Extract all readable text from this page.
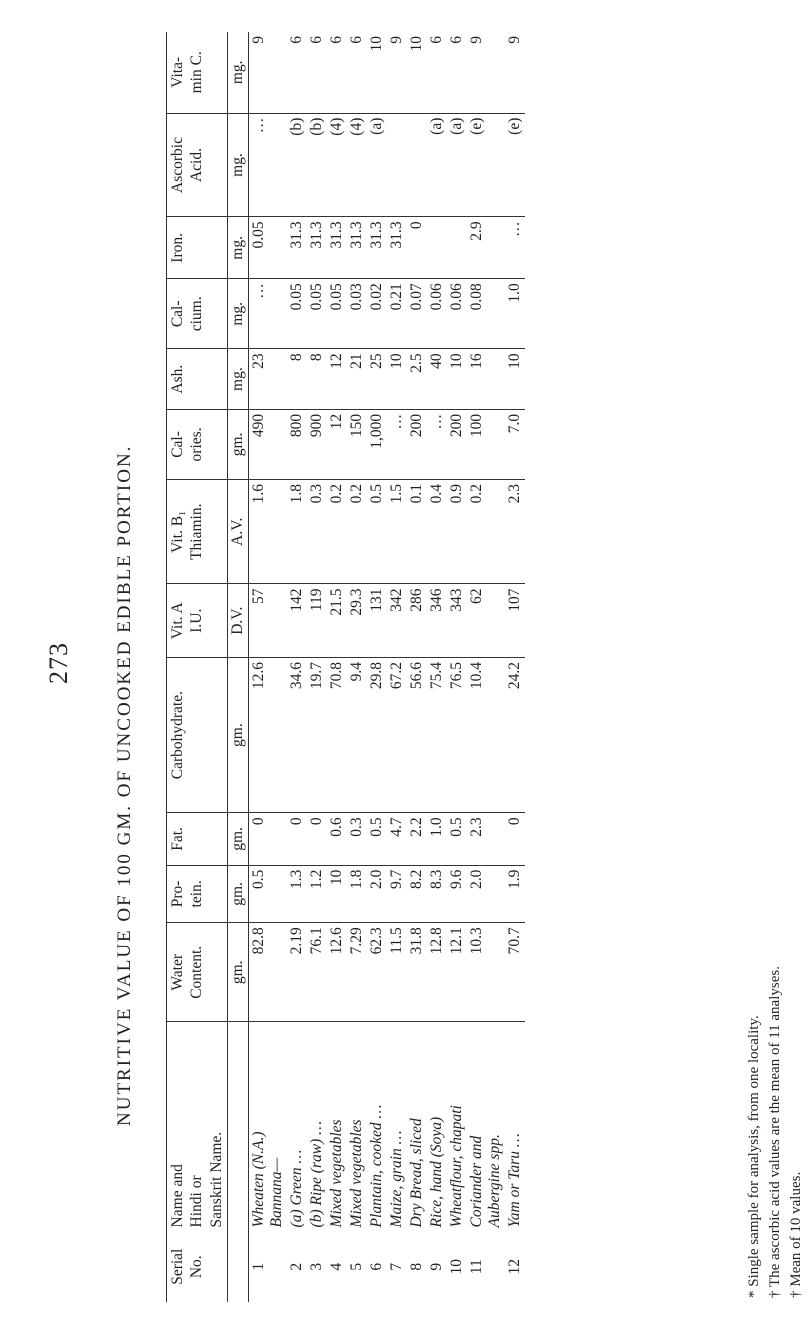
273 NUTRITIVE VALUE OF 100 GM. OF UNCOOKED EDIBLE PORTION.
Serial No.	Name and Hindi or Sanskrit Name.	Water Content.	Pro- tein.	Fat.	Carbohydrate.	Vit. A I.U.	Vit. B₁ Thiamin.	Cal- ories.	Ash.	Cal- cium.	Iron.	Ascorbic Acid.	Vita- min C.
		gm.	gm.	gm.	gm.	D.V.	A.V.	gm.	mg.	mg.	mg.	mg.	mg.
1	Wheaten (N.A.)
Bannana—	82.8	0.5	0	12.6	57	1.6	490	23	…	0.05	…	9
2	(a) Green …	2.19	1.3	0	34.6	142	1.8	800	8	0.05	31.3	(b)	6
3	(b) Ripe (raw) …	76.1	1.2	0	19.7	119	0.3	900	8	0.05	31.3	(b)	6
4	Mixed vegetables	12.6	10	0.6	70.8	21.5	0.2	12	12	0.05	31.3	(4)	6
5	Mixed vegetables	7.29	1.8	0.3	9.4	29.3	0.2	150	21	0.03	31.3	(4)	6
6	Plantain, cooked …	62.3	2.0	0.5	29.8	131	0.5	1,000	25	0.02	31.3	(a)	10
7	Maize, grain …	11.5	9.7	4.7	67.2	342	1.5	…	10	0.21	31.3		9
8	Dry Bread, sliced	31.8	8.2	2.2	56.6	286	0.1	200	2.5	0.07	0		10
9	Rice, hand (Soya)	12.8	8.3	1.0	75.4	346	0.4	…	40	0.06		(a)	6
10	Wheatflour, chapati	12.1	9.6	0.5	76.5	343	0.9	200	10	0.06		(a)	6
11	Coriander and
Aubergine spp.	10.3	2.0	2.3	10.4	62	0.2	100	16	0.08	2.9	(e)	9
12	Yam or Taru …	70.7	1.9	0	24.2	107	2.3	7.0	10	1.0	…	(e)	9
* Single sample for analysis, from one locality. † The ascorbic acid values are the mean of 11 analyses. † Mean of 10 values.
